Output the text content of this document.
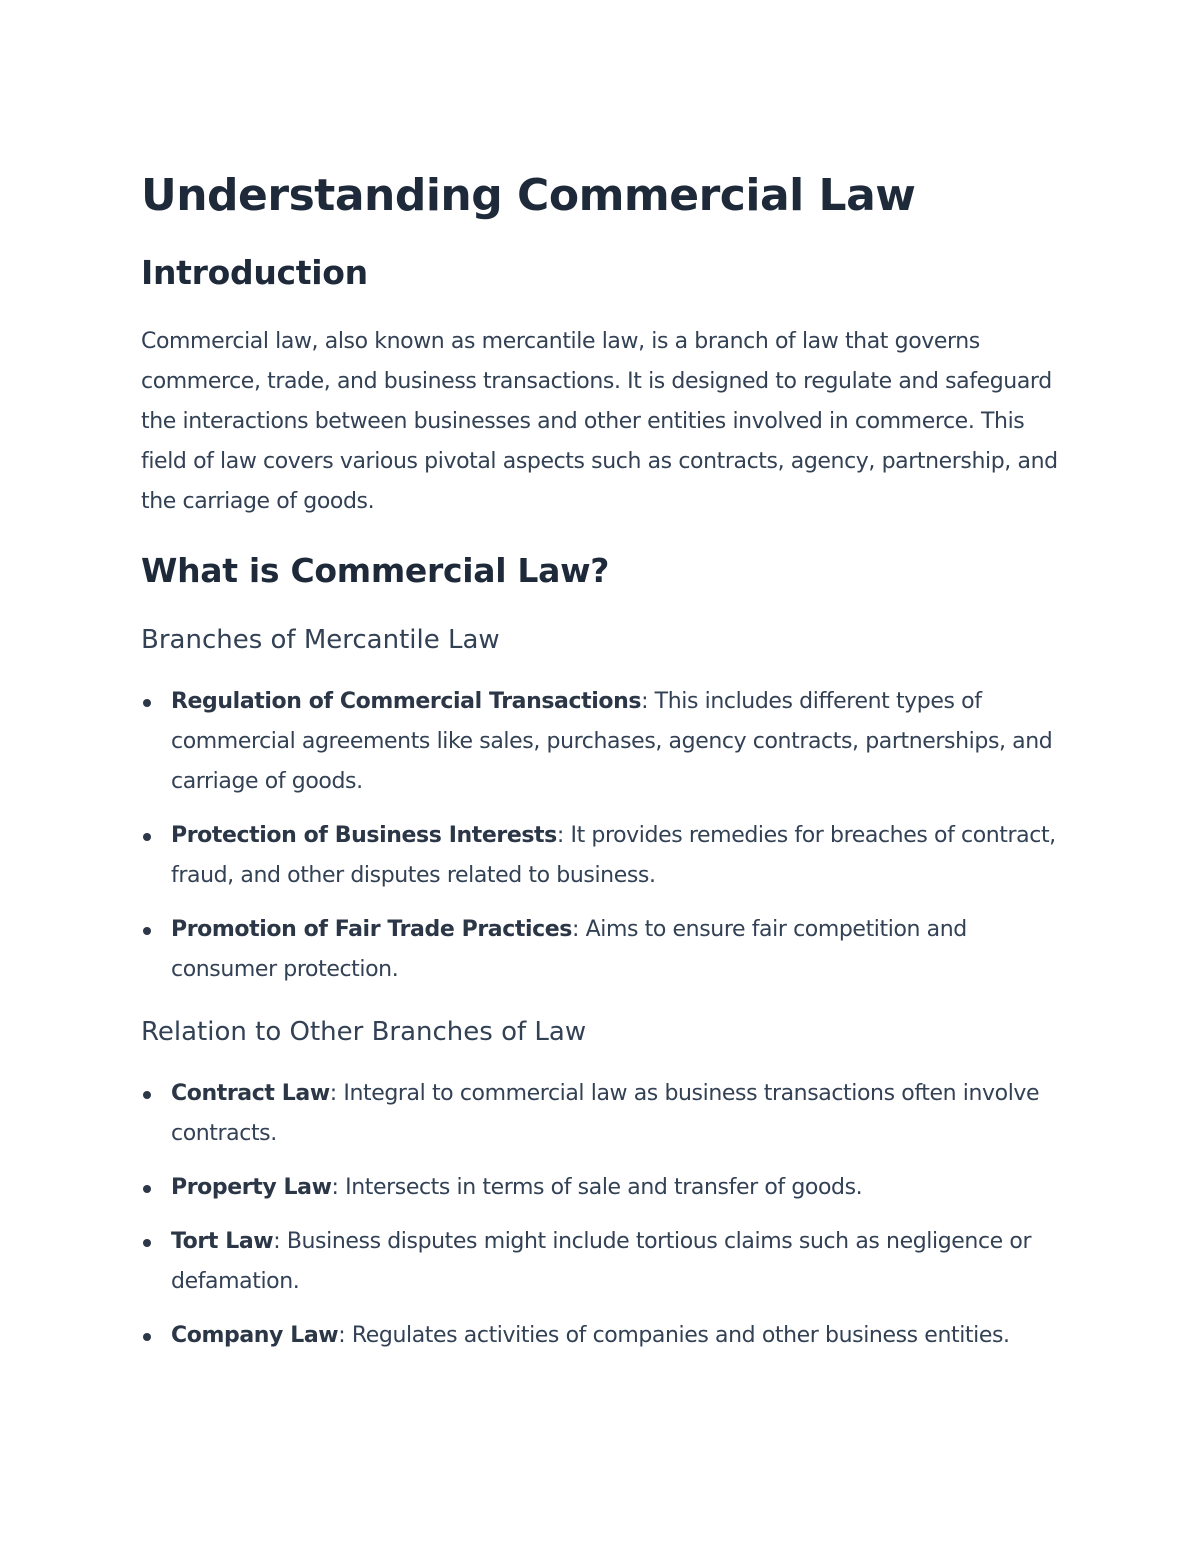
Understanding Commercial Law
Introduction

Commercial law, also known as mercantile law, is a branch of law that governs commerce, trade, and business transactions. It is designed to regulate and safeguard the interactions between businesses and other entities involved in commerce. This field of law covers various pivotal aspects such as contracts, agency, partnership, and the carriage of goods.

What is Commercial Law?
Branches of Mercantile Law
Regulation of Commercial Transactions: This includes different types of commercial agreements like sales, purchases, agency contracts, partnerships, and carriage of goods.
Protection of Business Interests: It provides remedies for breaches of contract, fraud, and other disputes related to business.
Promotion of Fair Trade Practices: Aims to ensure fair competition and consumer protection.
Relation to Other Branches of Law
Contract Law: Integral to commercial law as business transactions often involve contracts.
Property Law: Intersects in terms of sale and transfer of goods.
Tort Law: Business disputes might include tortious claims such as negligence or defamation.
Company Law: Regulates activities of companies and other business entities.
